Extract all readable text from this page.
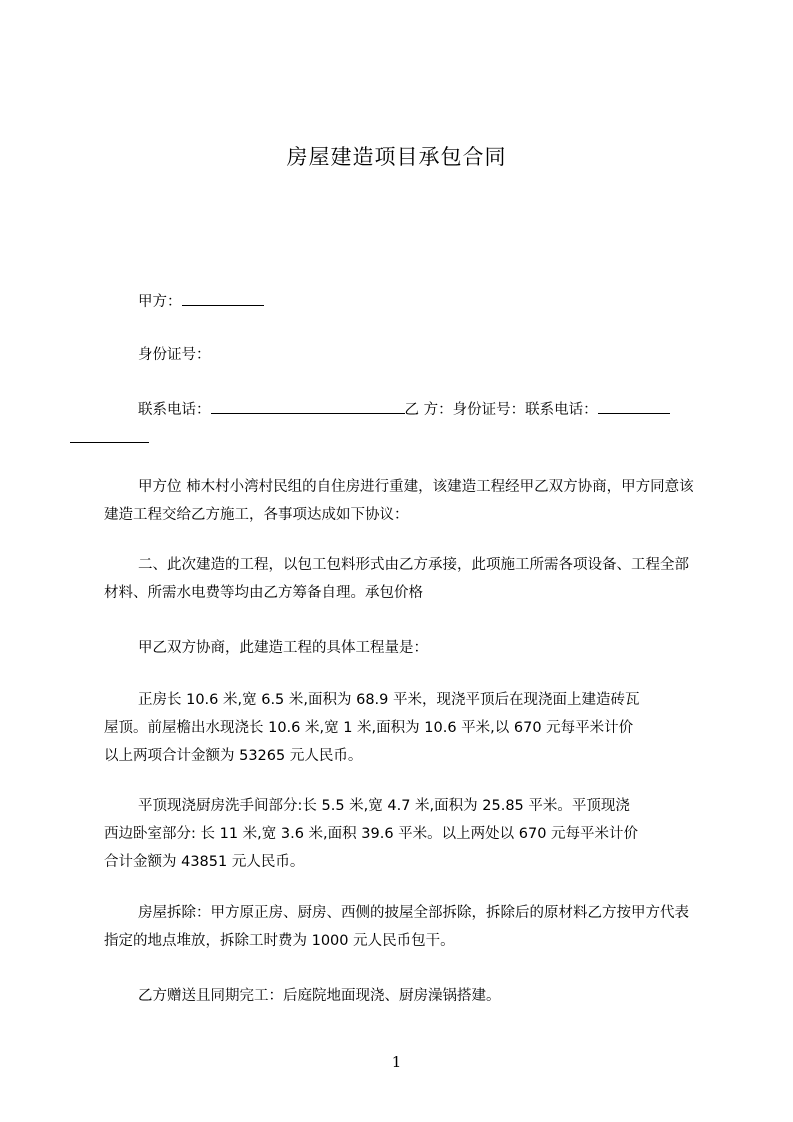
房屋建造项目承包合同

甲方：

身份证号：

联系电话：	乙 方：身份证号：联系电话：

甲方位 柿木村小湾村民组的自住房进行重建，该建造工程经甲乙双方协商，甲方同意该建造工程交给乙方施工，各事项达成如下协议：

二、此次建造的工程，以包工包料形式由乙方承接，此项施工所需各项设备、工程全部材料、所需水电费等均由乙方筹备自理。承包价格

甲乙双方协商，此建造工程的具体工程量是：

正房长 10.6 米,宽 6.5 米,面积为 68.9 平米，现浇平顶后在现浇面上建造砖瓦
屋顶。前屋檐出水现浇长 10.6 米,宽 1 米,面积为 10.6 平米,以 670 元每平米计价
以上两项合计金额为 53265 元人民币。
平顶现浇厨房洗手间部分:长 5.5 米,宽 4.7 米,面积为 25.85 平米。平顶现浇
西边卧室部分: 长 11 米,宽 3.6 米,面积 39.6 平米。以上两处以 670 元每平米计价
合计金额为 43851 元人民币。

房屋拆除：甲方原正房、厨房、西侧的披屋全部拆除，拆除后的原材料乙方按甲方代表指定的地点堆放，拆除工时费为 1000 元人民币包干。

乙方赠送且同期完工：后庭院地面现浇、厨房澡锅搭建。

1
